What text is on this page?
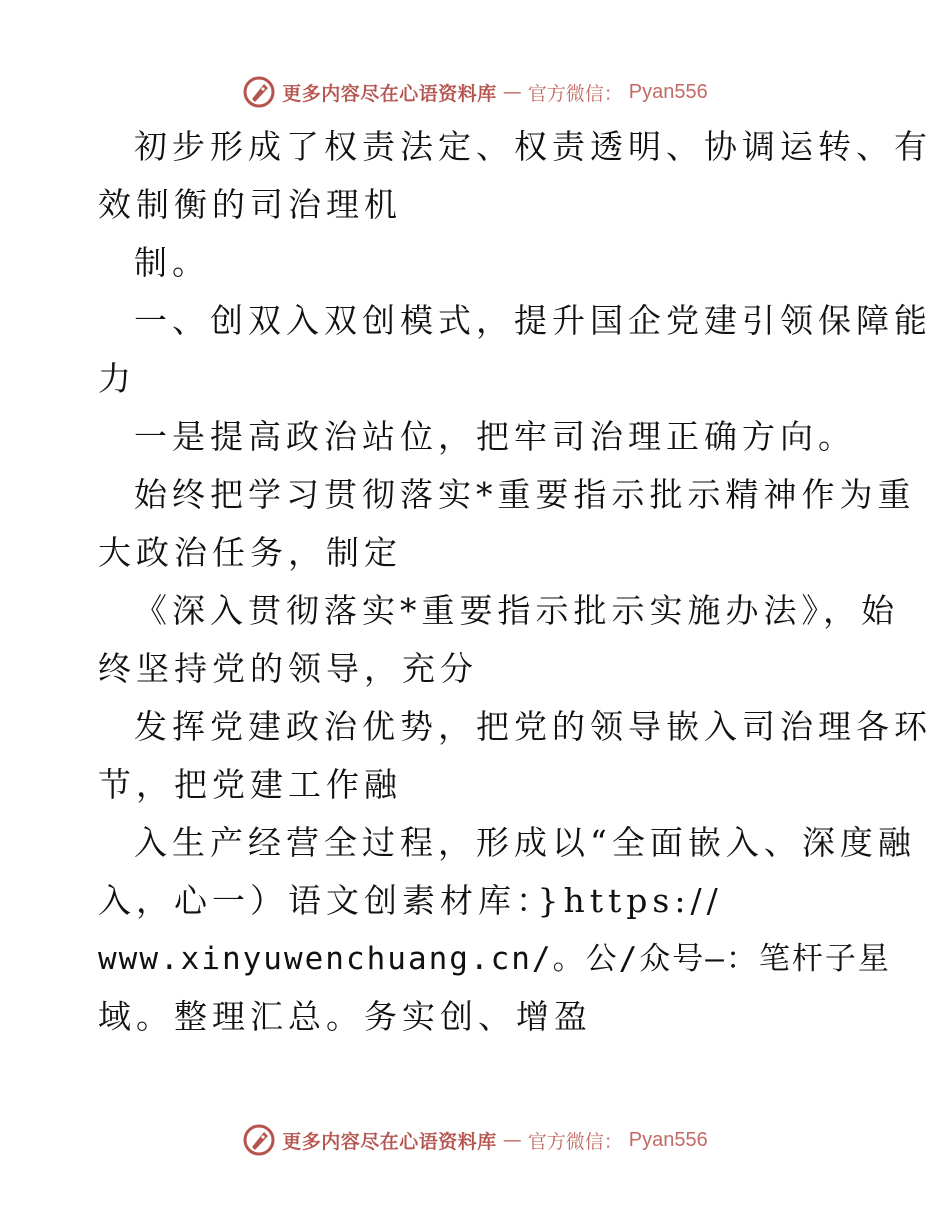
更多内容尽在心语资料库 — 官方微信： Pyan556
初步形成了权责法定、权责透明、协调运转、有
效制衡的司治理机
制。
一、创双入双创模式，提升国企党建引领保障能
力
一是提高政治站位，把牢司治理正确方向。
始终把学习贯彻落实*重要指示批示精神作为重
大政治任务，制定
《深入贯彻落实*重要指示批示实施办法》，始
终坚持党的领导，充分
发挥党建政治优势，把党的领导嵌入司治理各环
节，把党建工作融
入生产经营全过程，形成以“全面嵌入、深度融
入，心一）语文创素材库：}https://
www.xinyuwenchuang.cn/。公/众号—：笔杆子星
域。整理汇总。务实创、增盈
更多内容尽在心语资料库 — 官方微信： Pyan556
